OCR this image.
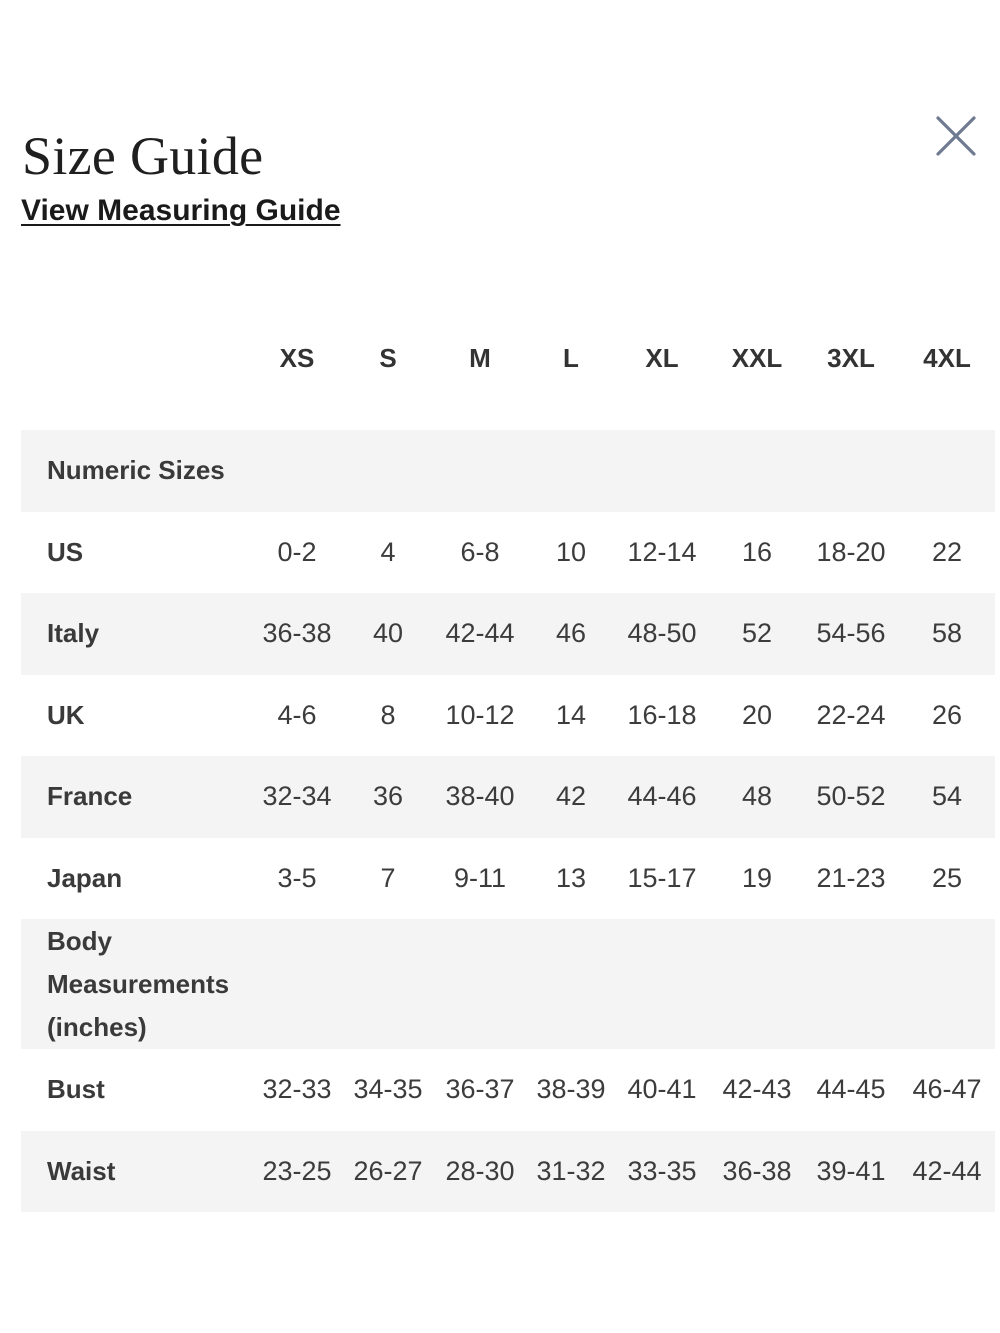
Size Guide
View Measuring Guide
XS S	M	L	XL XXL 3XL 4XL
Numeric Sizes
US	0-2 4 6-8 10 12-14 16 18-20 22
Italy	36-38 40 42-44 46 48-50 52 54-56 58
UK	4-6 8 10-12 14 16-18 20 22-24 26
France	32-34 36 38-40 42 44-46 48 50-52 54
Japan	3-5 7 9-11 13 15-17 19 21-23 25
Body Measurements (inches)
Bust	32-33 34-35 36-37 38-39 40-41 42-43 44-45 46-47
Waist	23-25 26-27 28-30 31-32 33-35 36-38 39-41 42-44
